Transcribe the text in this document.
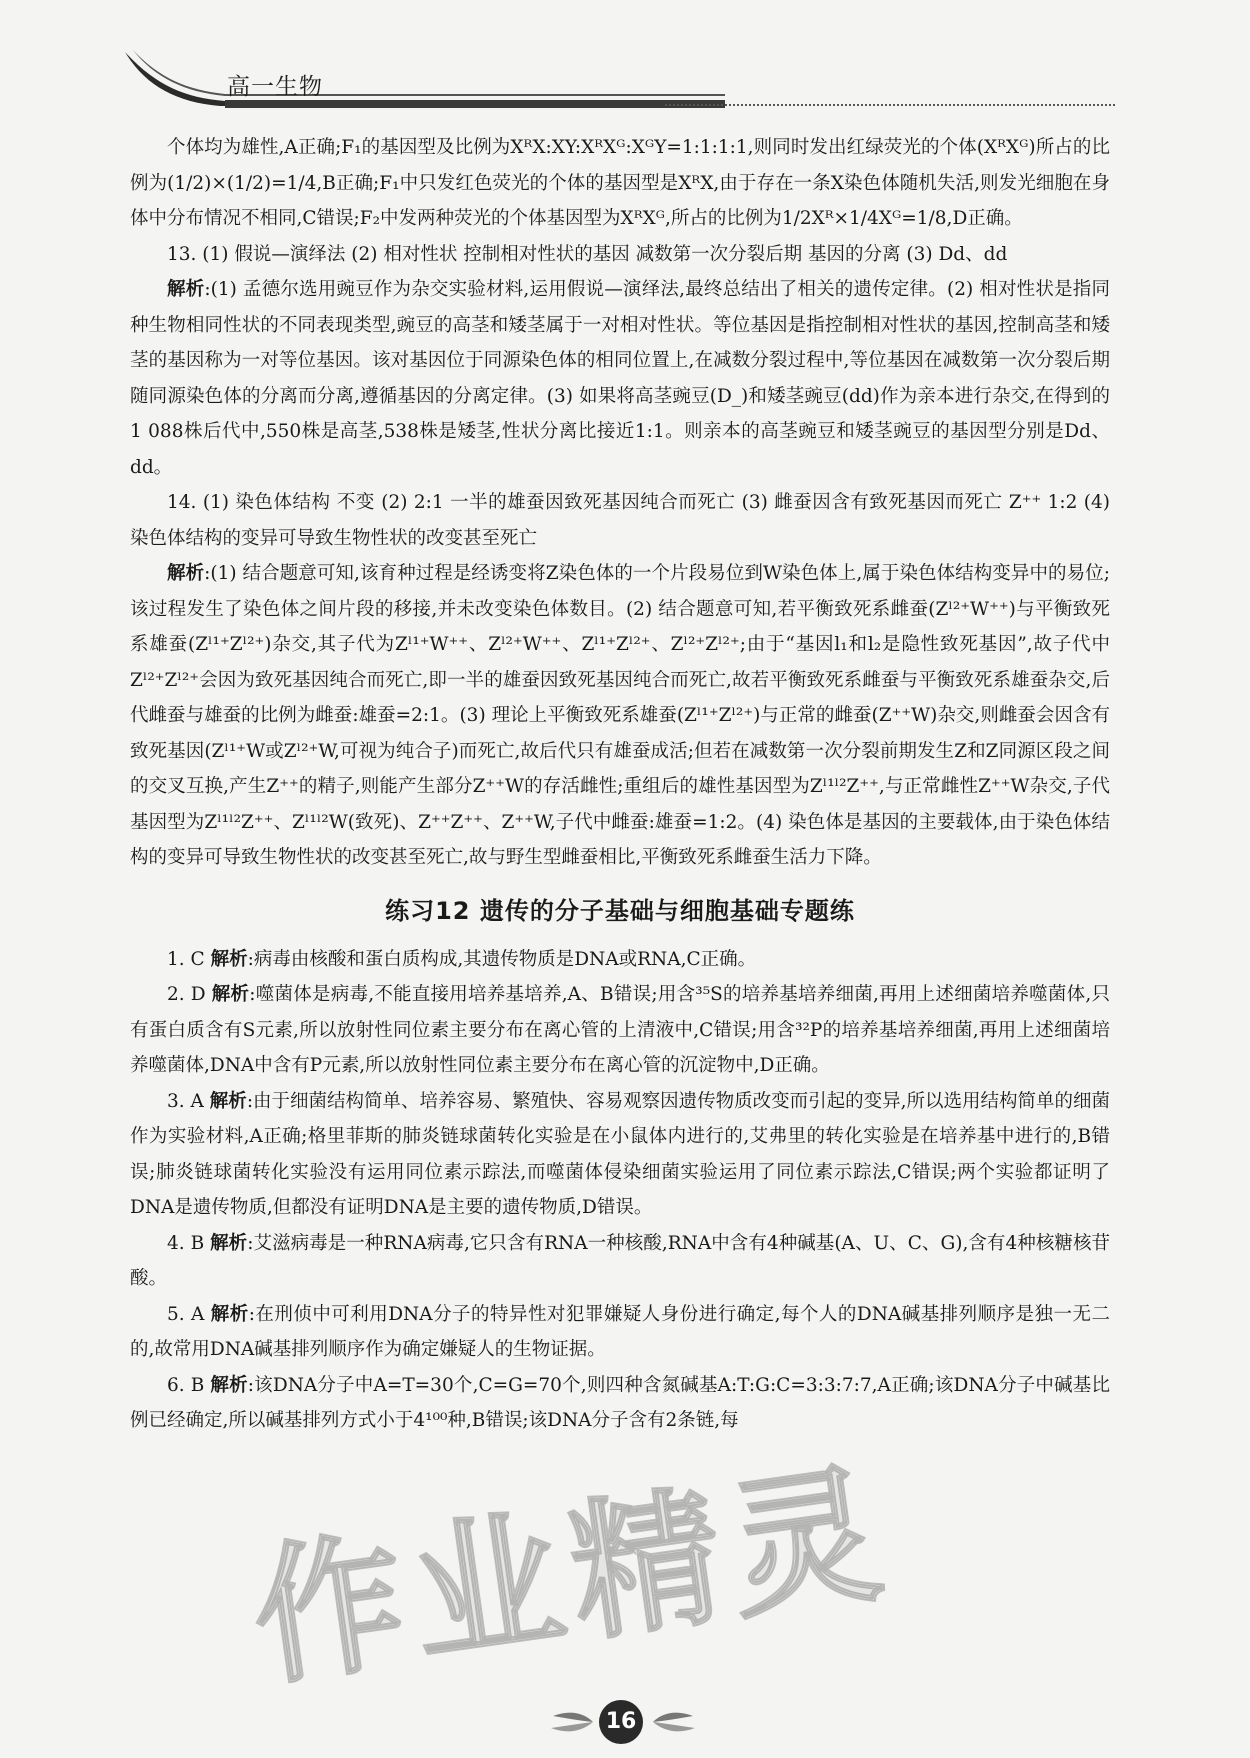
高一生物

个体均为雄性,A正确;F₁的基因型及比例为XᴿX:XY:XᴿXᴳ:XᴳY=1:1:1:1,则同时发出红绿荧光的个体(XᴿXᴳ)所占的比例为(1/2)×(1/2)=1/4,B正确;F₁中只发红色荧光的个体的基因型是XᴿX,由于存在一条X染色体随机失活,则发光细胞在身体中分布情况不相同,C错误;F₂中发两种荧光的个体基因型为XᴿXᴳ,所占的比例为1/2Xᴿ×1/4Xᴳ=1/8,D正确。

13. (1) 假说—演绎法 (2) 相对性状 控制相对性状的基因 减数第一次分裂后期 基因的分离 (3) Dd、dd

解析:(1) 孟德尔选用豌豆作为杂交实验材料,运用假说—演绎法,最终总结出了相关的遗传定律。(2) 相对性状是指同种生物相同性状的不同表现类型,豌豆的高茎和矮茎属于一对相对性状。等位基因是指控制相对性状的基因,控制高茎和矮茎的基因称为一对等位基因。该对基因位于同源染色体的相同位置上,在减数分裂过程中,等位基因在减数第一次分裂后期随同源染色体的分离而分离,遵循基因的分离定律。(3) 如果将高茎豌豆(D_)和矮茎豌豆(dd)作为亲本进行杂交,在得到的1 088株后代中,550株是高茎,538株是矮茎,性状分离比接近1:1。则亲本的高茎豌豆和矮茎豌豆的基因型分别是Dd、dd。

14. (1) 染色体结构 不变 (2) 2:1 一半的雄蚕因致死基因纯合而死亡 (3) 雌蚕因含有致死基因而死亡 Z⁺⁺ 1:2 (4) 染色体结构的变异可导致生物性状的改变甚至死亡

解析:(1) 结合题意可知,该育种过程是经诱变将Z染色体的一个片段易位到W染色体上,属于染色体结构变异中的易位;该过程发生了染色体之间片段的移接,并未改变染色体数目。(2) 结合题意可知,若平衡致死系雌蚕(Zˡ²⁺W⁺⁺)与平衡致死系雄蚕(Zˡ¹⁺Zˡ²⁺)杂交,其子代为Zˡ¹⁺W⁺⁺、Zˡ²⁺W⁺⁺、Zˡ¹⁺Zˡ²⁺、Zˡ²⁺Zˡ²⁺;由于“基因l₁和l₂是隐性致死基因”,故子代中Zˡ²⁺Zˡ²⁺会因为致死基因纯合而死亡,即一半的雄蚕因致死基因纯合而死亡,故若平衡致死系雌蚕与平衡致死系雄蚕杂交,后代雌蚕与雄蚕的比例为雌蚕:雄蚕=2:1。(3) 理论上平衡致死系雄蚕(Zˡ¹⁺Zˡ²⁺)与正常的雌蚕(Z⁺⁺W)杂交,则雌蚕会因含有致死基因(Zˡ¹⁺W或Zˡ²⁺W,可视为纯合子)而死亡,故后代只有雄蚕成活;但若在减数第一次分裂前期发生Z和Z同源区段之间的交叉互换,产生Z⁺⁺的精子,则能产生部分Z⁺⁺W的存活雌性;重组后的雄性基因型为Zˡ¹ˡ²Z⁺⁺,与正常雌性Z⁺⁺W杂交,子代基因型为Zˡ¹ˡ²Z⁺⁺、Zˡ¹ˡ²W(致死)、Z⁺⁺Z⁺⁺、Z⁺⁺W,子代中雌蚕:雄蚕=1:2。(4) 染色体是基因的主要载体,由于染色体结构的变异可导致生物性状的改变甚至死亡,故与野生型雌蚕相比,平衡致死系雌蚕生活力下降。

练习12 遗传的分子基础与细胞基础专题练

1. C 解析:病毒由核酸和蛋白质构成,其遗传物质是DNA或RNA,C正确。

2. D 解析:噬菌体是病毒,不能直接用培养基培养,A、B错误;用含³⁵S的培养基培养细菌,再用上述细菌培养噬菌体,只有蛋白质含有S元素,所以放射性同位素主要分布在离心管的上清液中,C错误;用含³²P的培养基培养细菌,再用上述细菌培养噬菌体,DNA中含有P元素,所以放射性同位素主要分布在离心管的沉淀物中,D正确。

3. A 解析:由于细菌结构简单、培养容易、繁殖快、容易观察因遗传物质改变而引起的变异,所以选用结构简单的细菌作为实验材料,A正确;格里菲斯的肺炎链球菌转化实验是在小鼠体内进行的,艾弗里的转化实验是在培养基中进行的,B错误;肺炎链球菌转化实验没有运用同位素示踪法,而噬菌体侵染细菌实验运用了同位素示踪法,C错误;两个实验都证明了DNA是遗传物质,但都没有证明DNA是主要的遗传物质,D错误。

4. B 解析:艾滋病毒是一种RNA病毒,它只含有RNA一种核酸,RNA中含有4种碱基(A、U、C、G),含有4种核糖核苷酸。

5. A 解析:在刑侦中可利用DNA分子的特异性对犯罪嫌疑人身份进行确定,每个人的DNA碱基排列顺序是独一无二的,故常用DNA碱基排列顺序作为确定嫌疑人的生物证据。

6. B 解析:该DNA分子中A=T=30个,C=G=70个,则四种含氮碱基A:T:G:C=3:3:7:7,A正确;该DNA分子中碱基比例已经确定,所以碱基排列方式小于4¹⁰⁰种,B错误;该DNA分子含有2条链,每

作业精灵
16
